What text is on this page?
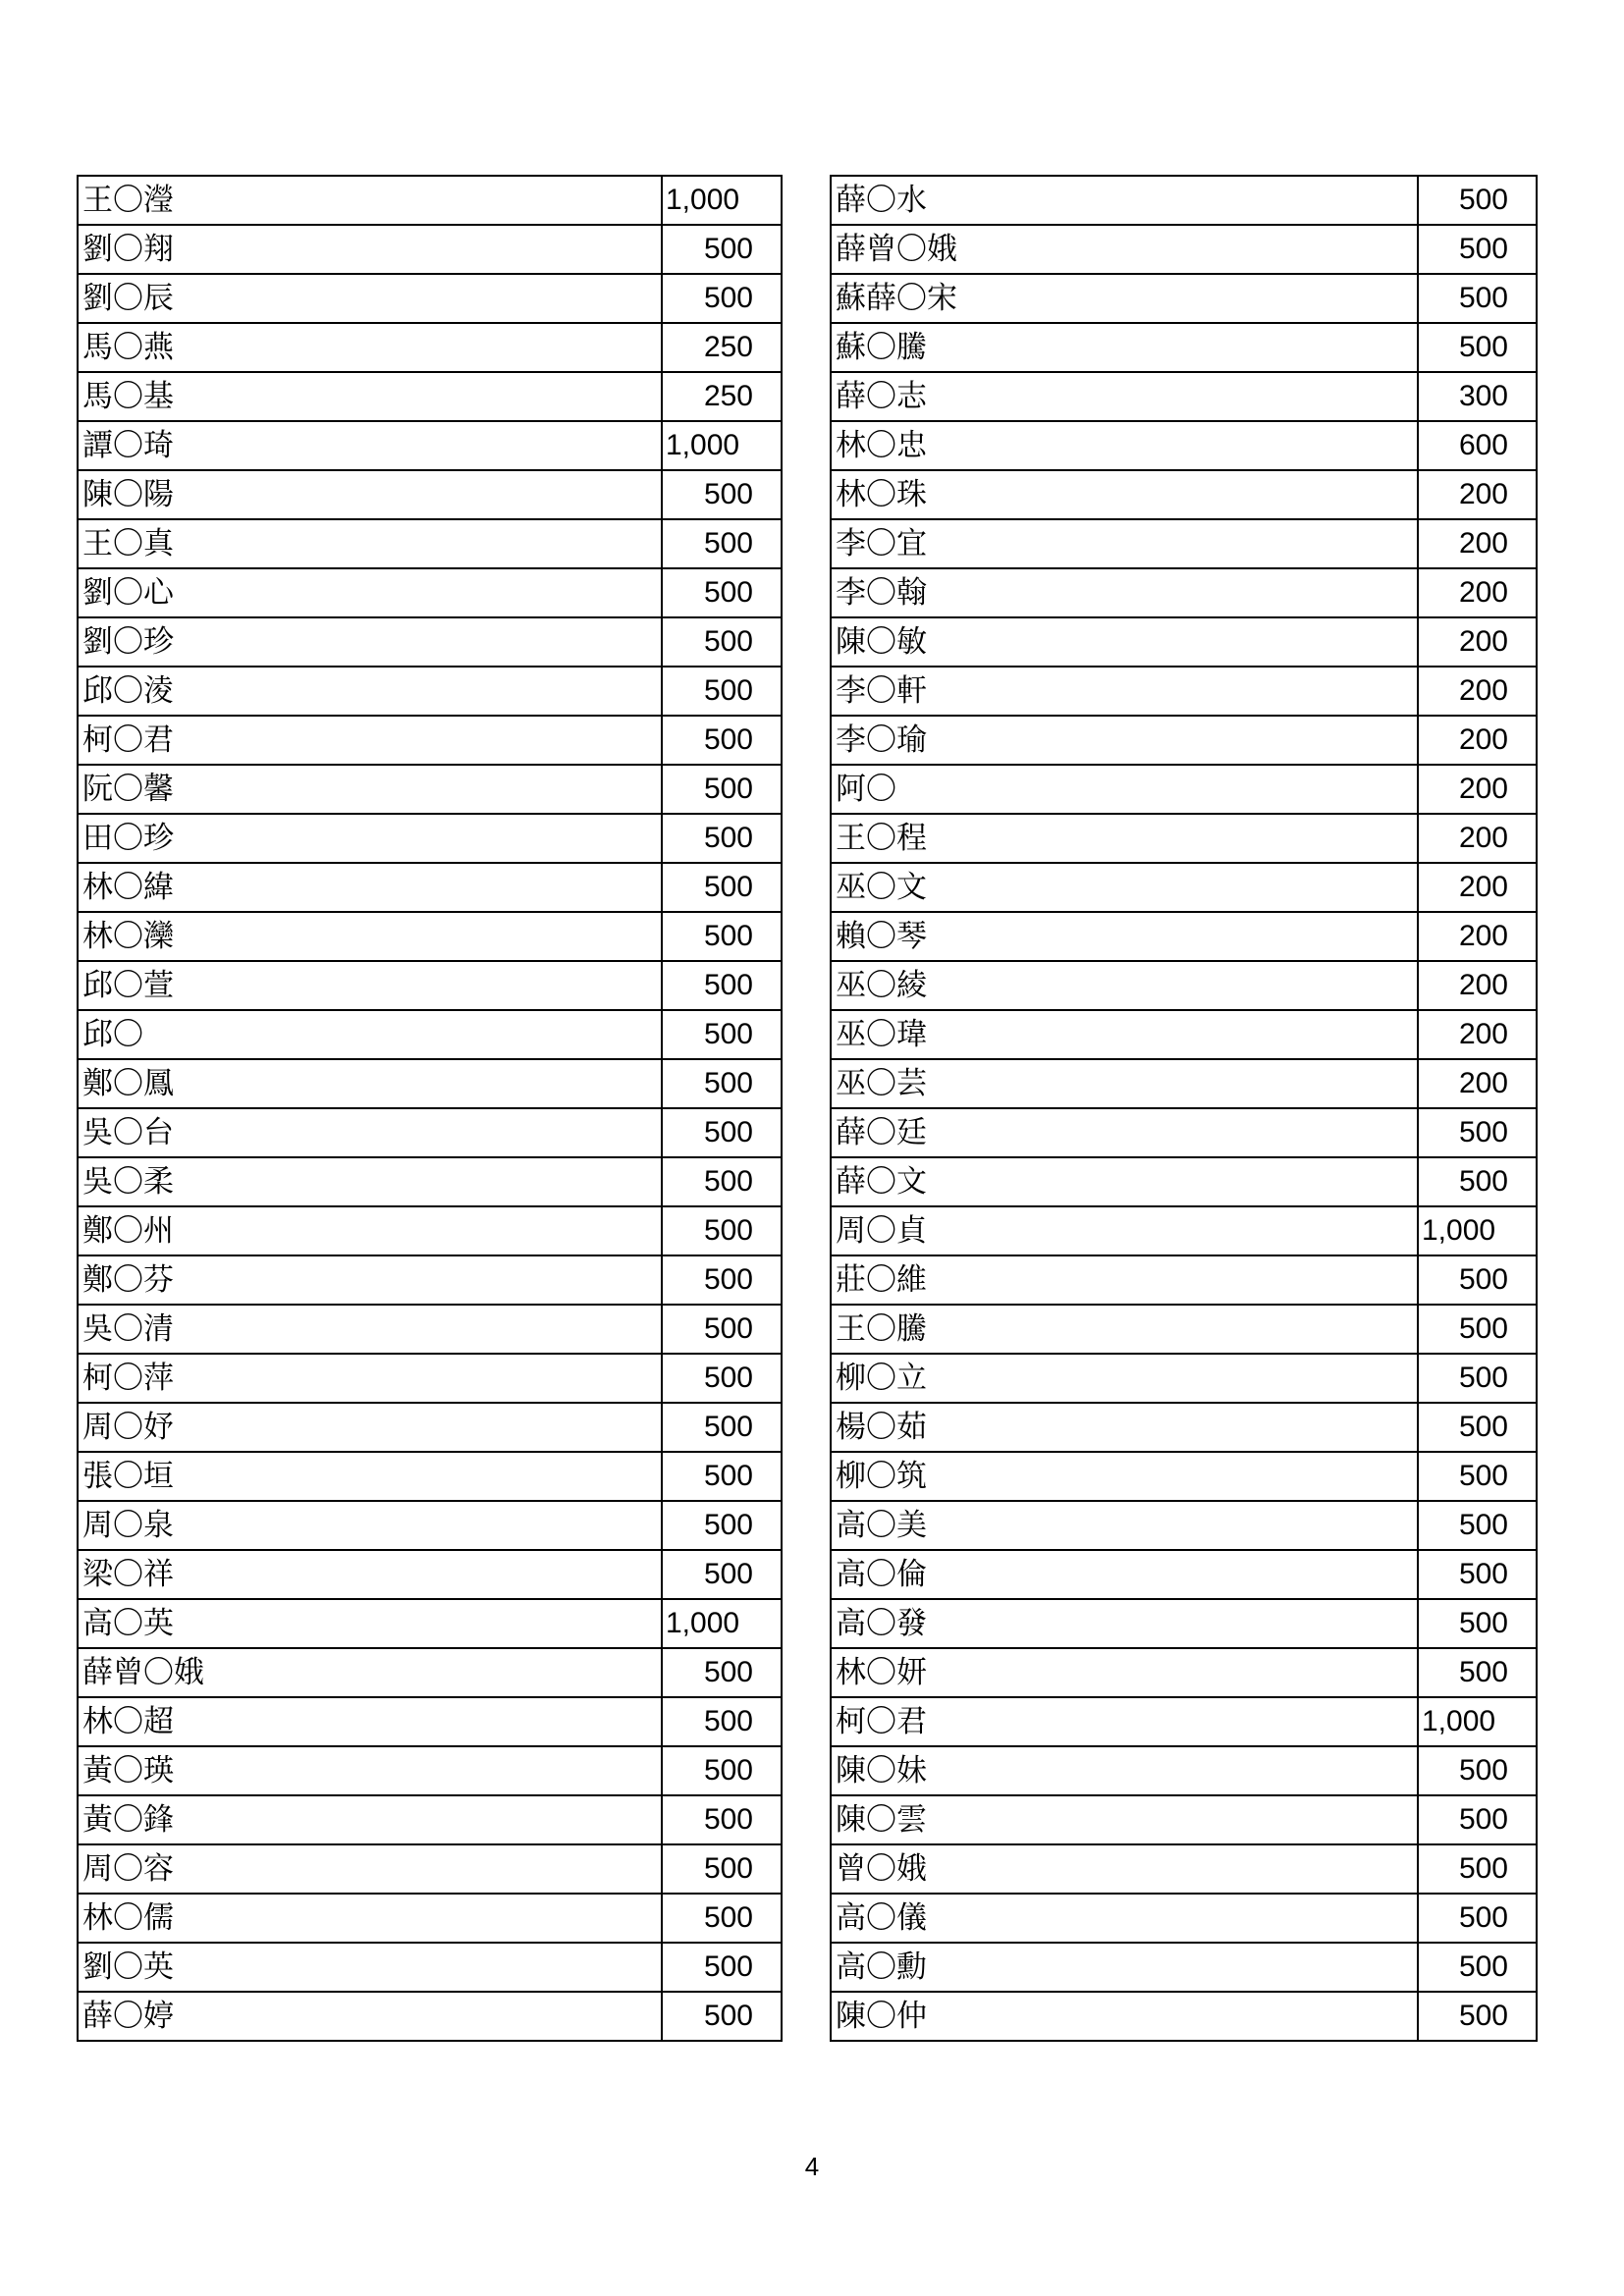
王〇瀅	1,000
劉〇翔	500
劉〇辰	500
馬〇燕	250
馬〇基	250
譚〇琦	1,000
陳〇陽	500
王〇真	500
劉〇心	500
劉〇珍	500
邱〇淩	500
柯〇君	500
阮〇馨	500
田〇珍	500
林〇緯	500
林〇灤	500
邱〇萱	500
邱〇	500
鄭〇鳳	500
吳〇台	500
吳〇柔	500
鄭〇州	500
鄭〇芬	500
吳〇清	500
柯〇萍	500
周〇妤	500
張〇垣	500
周〇泉	500
梁〇祥	500
高〇英	1,000
薛曾〇娥	500
林〇超	500
黃〇瑛	500
黃〇鋒	500
周〇容	500
林〇儒	500
劉〇英	500
薛〇婷	500
薛〇水	500
薛曾〇娥	500
蘇薛〇宋	500
蘇〇騰	500
薛〇志	300
林〇忠	600
林〇珠	200
李〇宜	200
李〇翰	200
陳〇敏	200
李〇軒	200
李〇瑜	200
阿〇	200
王〇程	200
巫〇文	200
賴〇琴	200
巫〇綾	200
巫〇瑋	200
巫〇芸	200
薛〇廷	500
薛〇文	500
周〇貞	1,000
莊〇維	500
王〇騰	500
柳〇立	500
楊〇茹	500
柳〇筑	500
高〇美	500
高〇倫	500
高〇發	500
林〇妍	500
柯〇君	1,000
陳〇妹	500
陳〇雲	500
曾〇娥	500
高〇儀	500
高〇勳	500
陳〇仲	500
4
